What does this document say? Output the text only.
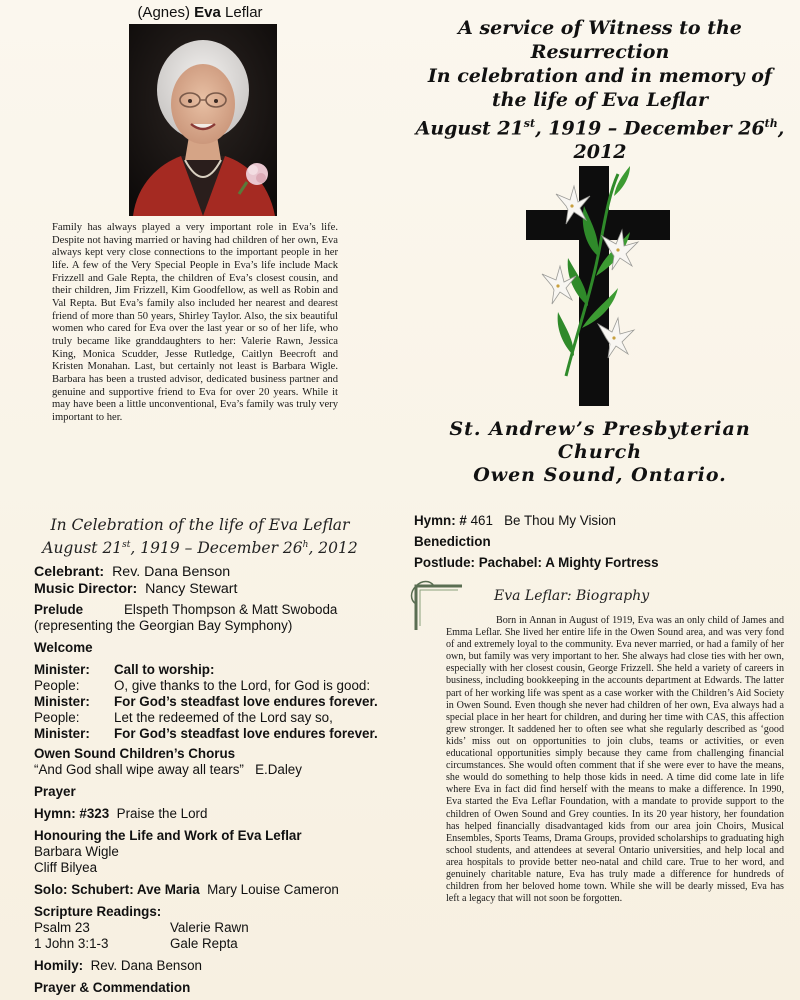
(Agnes) Eva Leflar
Family has always played a very important role in Eva’s life. Despite not having married or having had children of her own, Eva always kept very close connections to the important people in her life. A few of the Very Special People in Eva’s life include Mack Frizzell and Gale Repta, the children of Eva’s closest cousin, and their children, Jim Frizzell, Kim Goodfellow, as well as Robin and Val Repta. But Eva’s family also included her nearest and dearest friend of more than 50 years, Shirley Taylor. Also, the six beautiful women who cared for Eva over the last year or so of her life, who truly became like granddaughters to her: Valerie Rawn, Jessica King, Monica Scudder, Jesse Rutledge, Caitlyn Beecroft and Kristen Monahan. Last, but certainly not least is Barbara Wigle. Barbara has been a trusted advisor, dedicated business partner and genuine and supportive friend to Eva for over 20 years. While it may have been a little unconventional, Eva’s family was truly very important to her.
In Celebration of the life of Eva Leflar
August 21st, 1919 – December 26$^h$, 2012
Celebrant: Rev. Dana Benson
Music Director: Nancy Stewart
Prelude	Elspeth Thompson & Matt Swoboda
(representing the Georgian Bay Symphony)
Welcome
Minister: Call to worship:
People:	O, give thanks to the Lord, for God is good:
Minister: For God’s steadfast love endures forever.
People:	Let the redeemed of the Lord say so,
Minister: For God’s steadfast love endures forever.
Owen Sound Children’s Chorus
“And God shall wipe away all tears” E.Daley
Prayer
Hymn: #323 Praise the Lord
Honouring the Life and Work of Eva Leflar
Barbara Wigle
Cliff Bilyea
Solo: Schubert: Ave Maria Mary Louise Cameron
Scripture Readings:
Psalm 23	Valerie Rawn
1 John 3:1-3	Gale Repta
Homily: Rev. Dana Benson
Prayer & Commendation
A service of Witness to the
Resurrection
In celebration and in memory of
the life of Eva Leflar
August 21st, 1919 – December 26th,
2012
St. Andrew’s Presbyterian
Church
Owen Sound, Ontario.
Hymn: # 461 Be Thou My Vision
Benediction
Postlude: Pachabel: A Mighty Fortress
Eva Leflar: Biography

Born in Annan in August of 1919, Eva was an only child of James and Emma Leflar. She lived her entire life in the Owen Sound area, and was very fond of and extremely loyal to the community. Eva never married, or had a family of her own, but family was very important to her. She always had close ties with her own, especially with her closest cousin, George Frizzell. She held a variety of careers in business, including bookkeeping in the accounts department at Edwards. The latter part of her working life was spent as a case worker with the Children’s Aid Society in Owen Sound. Even though she never had children of her own, Eva always had a special place in her heart for children, and during her time with CAS, this affection grew stronger. It saddened her to often see what she regularly described as ‘good kids’ miss out on opportunities to join clubs, teams or activities, or even educational opportunities simply because they came from challenging financial circumstances. She would often comment that if she were ever to have the means, she would do something to help those kids in need. A time did come late in life where Eva in fact did find herself with the means to make a difference. In 1990, Eva started the Eva Leflar Foundation, with a mandate to provide support to the children of Owen Sound and Grey counties. In its 20 year history, her foundation has helped financially disadvantaged kids from our area join Choirs, Musical Ensembles, Sports Teams, Drama Groups, provided scholarships to graduating high school students, and attendees at several Ontario universities, and help local and area hospitals to provide better neo-natal and child care. True to her word, and genuinely charitable nature, Eva has truly made a difference for hundreds of children from her beloved home town. While she will be dearly missed, Eva has left a legacy that will not soon be forgotten.
